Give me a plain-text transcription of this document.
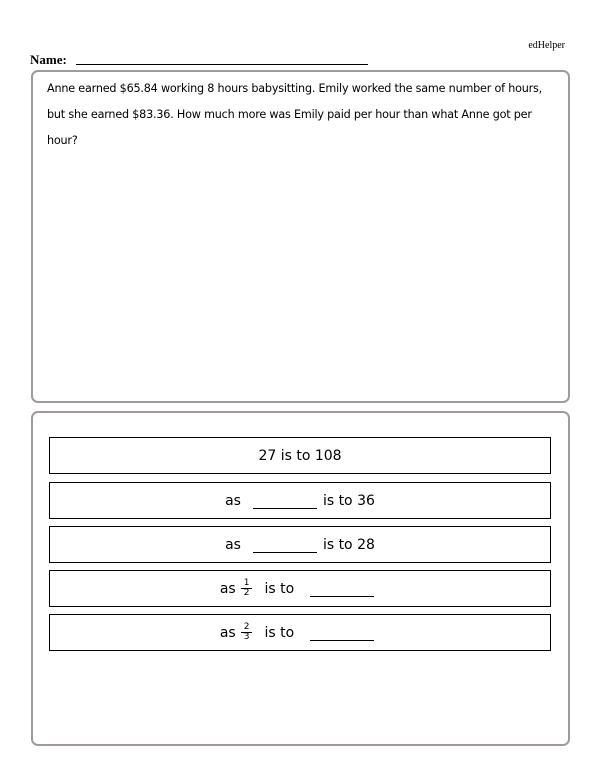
edHelper
Name:
Anne earned $65.84 working 8 hours babysitting. Emily worked the same number of hours, but she earned $83.36. How much more was Emily paid per hour than what Anne got per hour?
27 is to 108
as	is to
36
as	is to
28
as $\frac{1}{2}$ is to
as $\frac{2}{3}$ is to
